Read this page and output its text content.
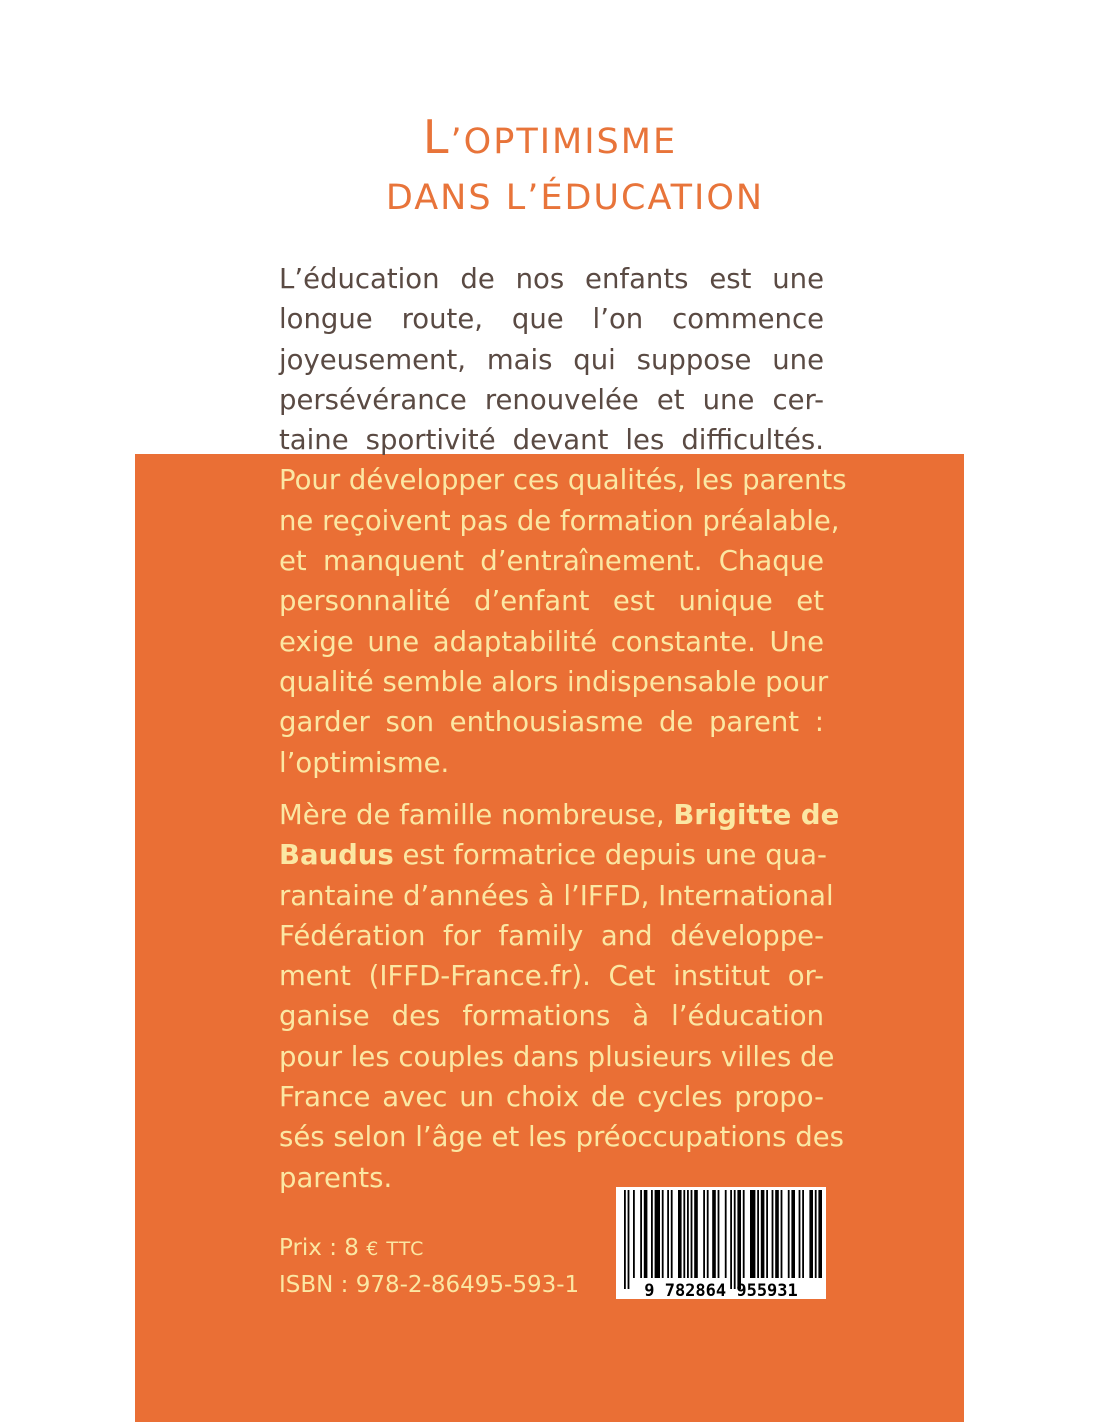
L’OPTIMISME
DANS L’ÉDUCATION
L’éducation de nos enfants est une
longue route, que l’on commence
joyeusement, mais qui suppose une
persévérance renouvelée et une cer-
taine sportivité devant les difficultés.
Pour développer ces qualités, les parents
ne reçoivent pas de formation préalable,
et manquent d’entraînement. Chaque
personnalité d’enfant est unique et
exige une adaptabilité constante. Une
qualité semble alors indispensable pour
garder son enthousiasme de parent :
l’optimisme.
Mère de famille nombreuse, Brigitte de
Baudus est formatrice depuis une qua-
rantaine d’années à l’IFFD, International
Fédération for family and développe-
ment (IFFD-France.fr). Cet institut or-
ganise des formations à l’éducation
pour les couples dans plusieurs villes de
France avec un choix de cycles propo-
sés selon l’âge et les préoccupations des
parents.
Prix : 8 € TTC
ISBN : 978-2-86495-593-1	9 782864 955931
